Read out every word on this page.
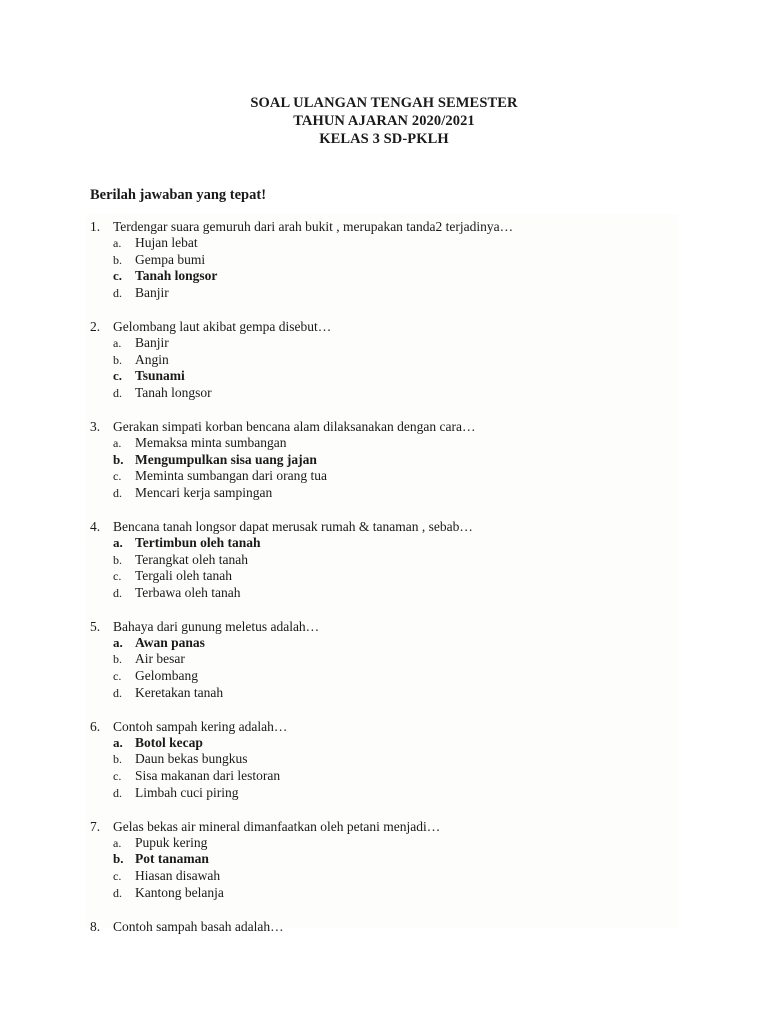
SOAL ULANGAN TENGAH SEMESTER
TAHUN AJARAN 2020/2021
KELAS 3 SD-PKLH
Berilah jawaban yang tepat!
1. Terdengar suara gemuruh dari arah bukit , merupakan tanda2 terjadinya…
a.	Hujan lebat
b. Gempa bumi
c. Tanah longsor
d. Banjir
2. Gelombang laut akibat gempa disebut…
a.	Banjir
b. Angin
c. Tsunami
d. Tanah longsor
3. Gerakan simpati korban bencana alam dilaksanakan dengan cara…
a.	Memaksa minta sumbangan
b. Mengumpulkan sisa uang jajan
c.	Meminta sumbangan dari orang tua
d. Mencari kerja sampingan
4. Bencana tanah longsor dapat merusak rumah & tanaman , sebab…
a. Tertimbun oleh tanah
b. Terangkat oleh tanah
c.	Tergali oleh tanah
d. Terbawa oleh tanah
5. Bahaya dari gunung meletus adalah…
a. Awan panas
b. Air besar
c.	Gelombang
d. Keretakan tanah
6. Contoh sampah kering adalah…
a. Botol kecap
b. Daun bekas bungkus
c.	Sisa makanan dari lestoran
d. Limbah cuci piring
7. Gelas bekas air mineral dimanfaatkan oleh petani menjadi…
a.	Pupuk kering
b. Pot tanaman
c.	Hiasan disawah
d. Kantong belanja
8. Contoh sampah basah adalah…
